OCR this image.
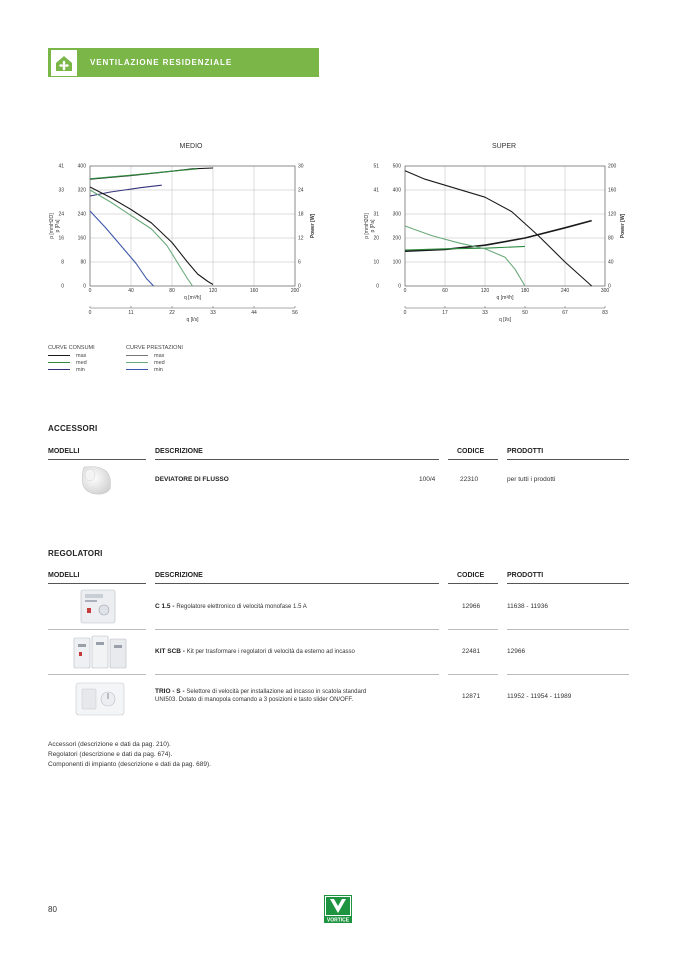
VENTILAZIONE RESIDENZIALE
MEDIO	SUPER
0
0	0
80
8	6
160
16	12
240
24	18
320
33	24
400
41	30
0	40	80	120	160	200
q [m³/h]
0	11	22	33	44	56
q [l/s]
p [mmH2O] p [Pa]	Power [W]
0
0	0
100
10	40
200
20	80
300
31	120
400
41	160
500
51	200
0	60	120	180	240	300
q [m³/h]
0	17	33	50	67	83
q [l/s]
p [mmH2O] p [Pa]	Power [W]
CURVE CONSUMI
max
med
min
CURVE PRESTAZIONI
max
med
min
ACCESSORI
MODELLI	DESCRIZIONE	CODICE	PRODOTTI
DEVIATORE DI FLUSSO	100/4	22310	per tutti i prodotti
REGOLATORI
MODELLI	DESCRIZIONE	CODICE	PRODOTTI
C 1.5 - Regolatore elettronico di velocità monofase 1.5 A	12966	11638 - 11936
KIT SCB - Kit per trasformare i regolatori di velocità da esterno ad incasso	22481	12966
TRIO - S - Selettore di velocità per installazione ad incasso in scatola standard
UNI503. Dotato di manopola comando a 3 posizioni e tasto slider ON/OFF.	12871	11952 - 11954 - 11989
Accessori (descrizione e dati da pag. 210).
Regolatori (descrizione e dati da pag. 674).
Componenti di impianto (descrizione e dati da pag. 689).
80
VORTICE
